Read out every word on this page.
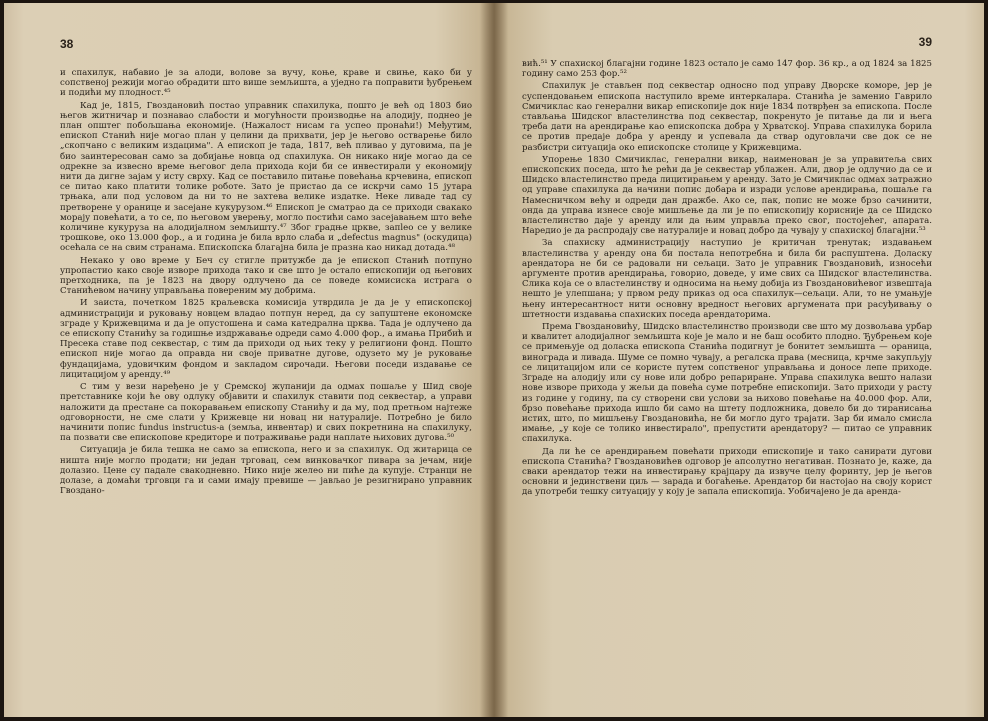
38

и спахилук, набавио је за алоди, волове за вучу, коње, краве и свиње, како би у сопственој режији могао обрадити што више земљишта, а уједно га поправити ђубрењем и подићи му плодност.⁴⁵

Кад је, 1815, Гвоздановић постао управник спахилука, пошто је већ од 1803 био његов житничар и познавао слабости и могућности производње на алодију, поднео је план општег побољшања економије. (Нажалост нисам га успео пронаћи!) Међутим, епископ Станић није могао план у целини да прихвати, јер је његово остварење било „скопчано с великим издацима". А епископ је тада, 1817, већ пливао у дуговима, па је био заинтересован само за добијање новца од спахилука. Он никако није могао да се одрекне за извесно време његовог дела прихода који би се инвестирали у економију нити да дигне зајам у исту сврху. Кад се поставило питање повећања крчевина, епископ се питао како платити толике роботе. Зато је пристао да се искрчи само 15 јутара трњака, али под условом да ни то не захтева велике издатке. Неке ливаде тад су претворене у оранице и засејане кукурузом.⁴⁶ Епископ је сматрао да се приходи свакако морају повећати, а то се, по његовом уверењу, могло постићи само засејавањем што веће количине кукуруза на алодијалном земљишту.⁴⁷ Због градње цркве, запleo се у велике трошкове, око 13.000 фор., а и година је била врло слаба и „defectus magnus" (оскудица) осећала се на свим странама. Епископска благајна била је празна као никад дотада.⁴⁸

Некако у ово време у Беч су стигле притужбе да је епископ Станић потпуно упропастио како своје изворе прихода тако и све што је остало епископији од његових претходника, па је 1823 на двору одлучено да се поведе комисиска истрага о Станићевом начину управљања повереним му добрима.

И заиста, почетком 1825 краљевска комисија утврдила је да је у епископској администрацији и руковању новцем владао потпун неред, да су запуштене економске зграде у Крижевцима и да је опустошена и сама катедрална црква. Тада је одлучено да се епископу Станићу за годишње издржавање одреди само 4.000 фор., а имања Прибић и Пресека ставе под секвестар, с тим да приходи од њих теку у религиони фонд. Пошто епископ није могао да оправда ни своје приватне дугове, одузето му је руковање фундацијама, удовичким фондом и закладом сирочади. Његови поседи издавање се лицитацијом у аренду.⁴⁹

С тим у вези наређено је у Сремској жупанији да одмах пошаље у Шид своје претставнике који ће ову одлуку објавити и спахилук ставити под секвестар, а управи наложити да престане са покоравањем епископу Станићу и да му, под претњом најтеже одговорности, не сме слати у Крижевце ни новац ни натуралије. Потребно је било начинити попис fundus instructus-а (земља, инвентар) и свих покретнина на спахилуку, па позвати све епископове кредиторе и потраживање ради наплате њихових дугова.⁵⁰

Ситуација је била тешка не само за епископа, него и за спахилук. Од житарица се ништа није могло продати; ни један трговац, сем винковачког пивара за јечам, није долазио. Цене су падале свакодневно. Нико није желео ни пиће да купује. Странци не долазе, а домаћи трговци га и сами имају превише — јављао је резигнирано управник Гвоздано-

39

вић.⁵¹ У спахиској благајни године 1823 остало је само 147 фор. 36 кр., а од 1824 за 1825 годину само 253 фор.⁵²

Спахилук је стављен под секвестар односно под управу Дворске коморе, јер је суспендовањем епископа наступило време интеркалара. Станића је заменио Гаврило Смичиклас као генерални викар епископије док није 1834 потврђен за епископа. После стављања Шидског властелинства под секвестар, покренуто је питање да ли и њега треба дати на арендирање као епископска добра у Хрватској. Управа спахилука борила се против предаје добра у аренду и успевала да ствар одуговлачи све док се не разбистри ситуација око епископске столице у Крижевцима.

Упорење 1830 Смичиклас, генерални викар, наименован је за управитеља свих епископских поседа, што ће рећи да је секвестар ублажен. Али, двор је одлучио да се и Шидско властелинство преда лицитирањем у аренду. Зато је Смичиклас одмах затражио од управе спахилука да начини попис добара и изради услове арендирања, пошаље га Намесничком већу и одреди дан дражбе. Ако се, пак, попис не може брзо сачинити, онда да управа изнесе своје мишљење да ли је по епископију корисније да се Шидско властелинство даје у аренду или да њим управља преко свог, постојећег, апарата. Наредио је да распродају све натуралије и новац добро да чувају у спахиској благајни.⁵³

За спахиску администрацију наступио је критичан тренутак; издавањем властелинства у аренду она би постала непотребна и била би распуштена. Доласку арендатора не би се радовали ни сељаци. Зато је управник Гвоздановић, износећи аргументе против арендирања, говорио, доведе, у име свих са Шидског властелинства. Слика која се о властелинству и односима на њему добија из Гвоздановићевог извештаја нешто је улепшана; у првом реду приказ од оса спахилук—сељаци. Али, то не умањује њену интересантност нити основну вредност његових аргумената при расуђивању о штетности издавања спахиских поседа арендаторима.

Према Гвоздановићу, Шидско властелинство производи све што му дозвољава урбар и квалитет алодијалног земљишта које је мало и не баш особито плодно. Ђубрењем које се примењује од доласка епископа Станића подигнут је бонитет земљишта — ораница, винограда и ливада. Шуме се помно чувају, а регалска права (месница, крчме закупљују се лицитацијом или се користе путем сопственог управљања и доносе лепе приходе. Зграде на алодију или су нове или добро репариране. Управа спахилука вешто налази нове изворе прихода у жељи да повећа суме потребне епископији. Зато приходи у расту из године у годину, па су створени сви услови за њихово повећање на 40.000 фор. Али, брзо повећање прихода ишло би само на штету подложника, довело би до тиранисања истих, што, по мишљењу Гвоздановића, не би могло дуго трајати. Зар би имало смисла имање, „у које се толико инвестирало", препустити арендатору? — питао се управник спахилука.

Да ли ће се арендирањем повећати приходи епископије и тако санирати дугови епископа Станића? Гвоздановићев одговор је апсолутно негативан. Познато је, каже, да сваки арендатор тежи на инвестирању крајцару да извуче целу форинту, јер је његов основни и јединствени циљ — зарада и богаћење. Арендатор би настојао на своју корист да употреби тешку ситуацију у коју је запала епископија. Уобичајено је да аренда-
